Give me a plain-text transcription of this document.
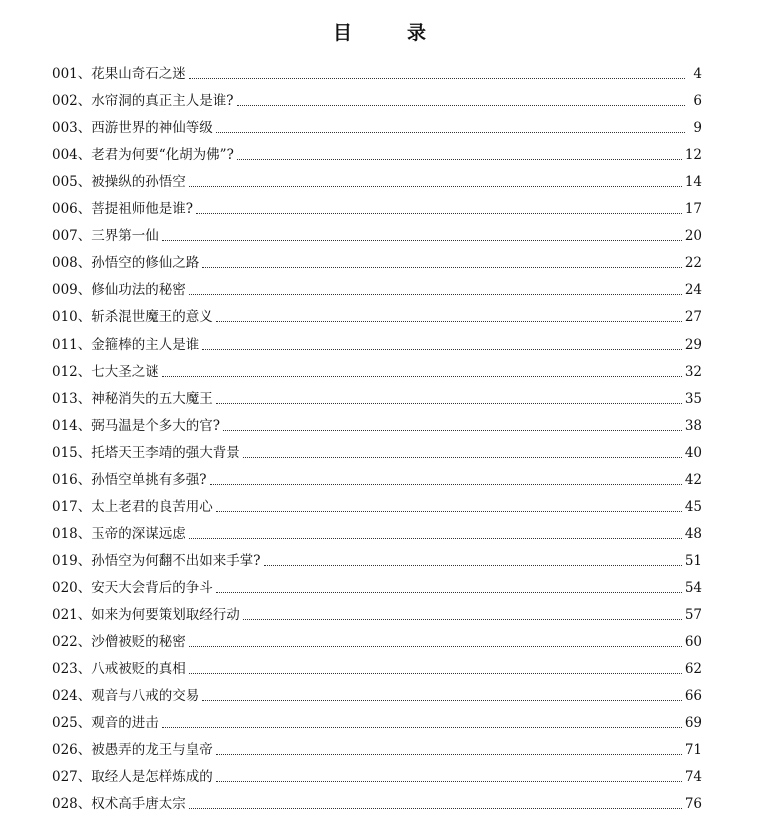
目　录
001 、 花果山奇石之迷	4
002 、 水帘洞的真正主人是谁?	6
003 、 西游世界的神仙等级	9
004 、 老君为何要“化胡为佛”?	12
005 、 被操纵的孙悟空	14
006 、 菩提祖师他是谁?	17
007 、 三界第一仙	20
008 、 孙悟空的修仙之路	22
009 、 修仙功法的秘密	24
010 、 斩杀混世魔王的意义	27
011 、 金箍棒的主人是谁	29
012 、 七大圣之谜	32
013 、 神秘消失的五大魔王	35
014 、 弼马温是个多大的官?	38
015 、 托塔天王李靖的强大背景	40
016 、 孙悟空单挑有多强?	42
017 、 太上老君的良苦用心	45
018 、 玉帝的深谋远虑	48
019 、 孙悟空为何翻不出如来手掌?	51
020 、 安天大会背后的争斗	54
021 、 如来为何要策划取经行动	57
022 、 沙僧被贬的秘密	60
023 、 八戒被贬的真相	62
024 、 观音与八戒的交易	66
025 、 观音的进击	69
026 、 被愚弄的龙王与皇帝	71
027 、 取经人是怎样炼成的	74
028 、 权术高手唐太宗	76
